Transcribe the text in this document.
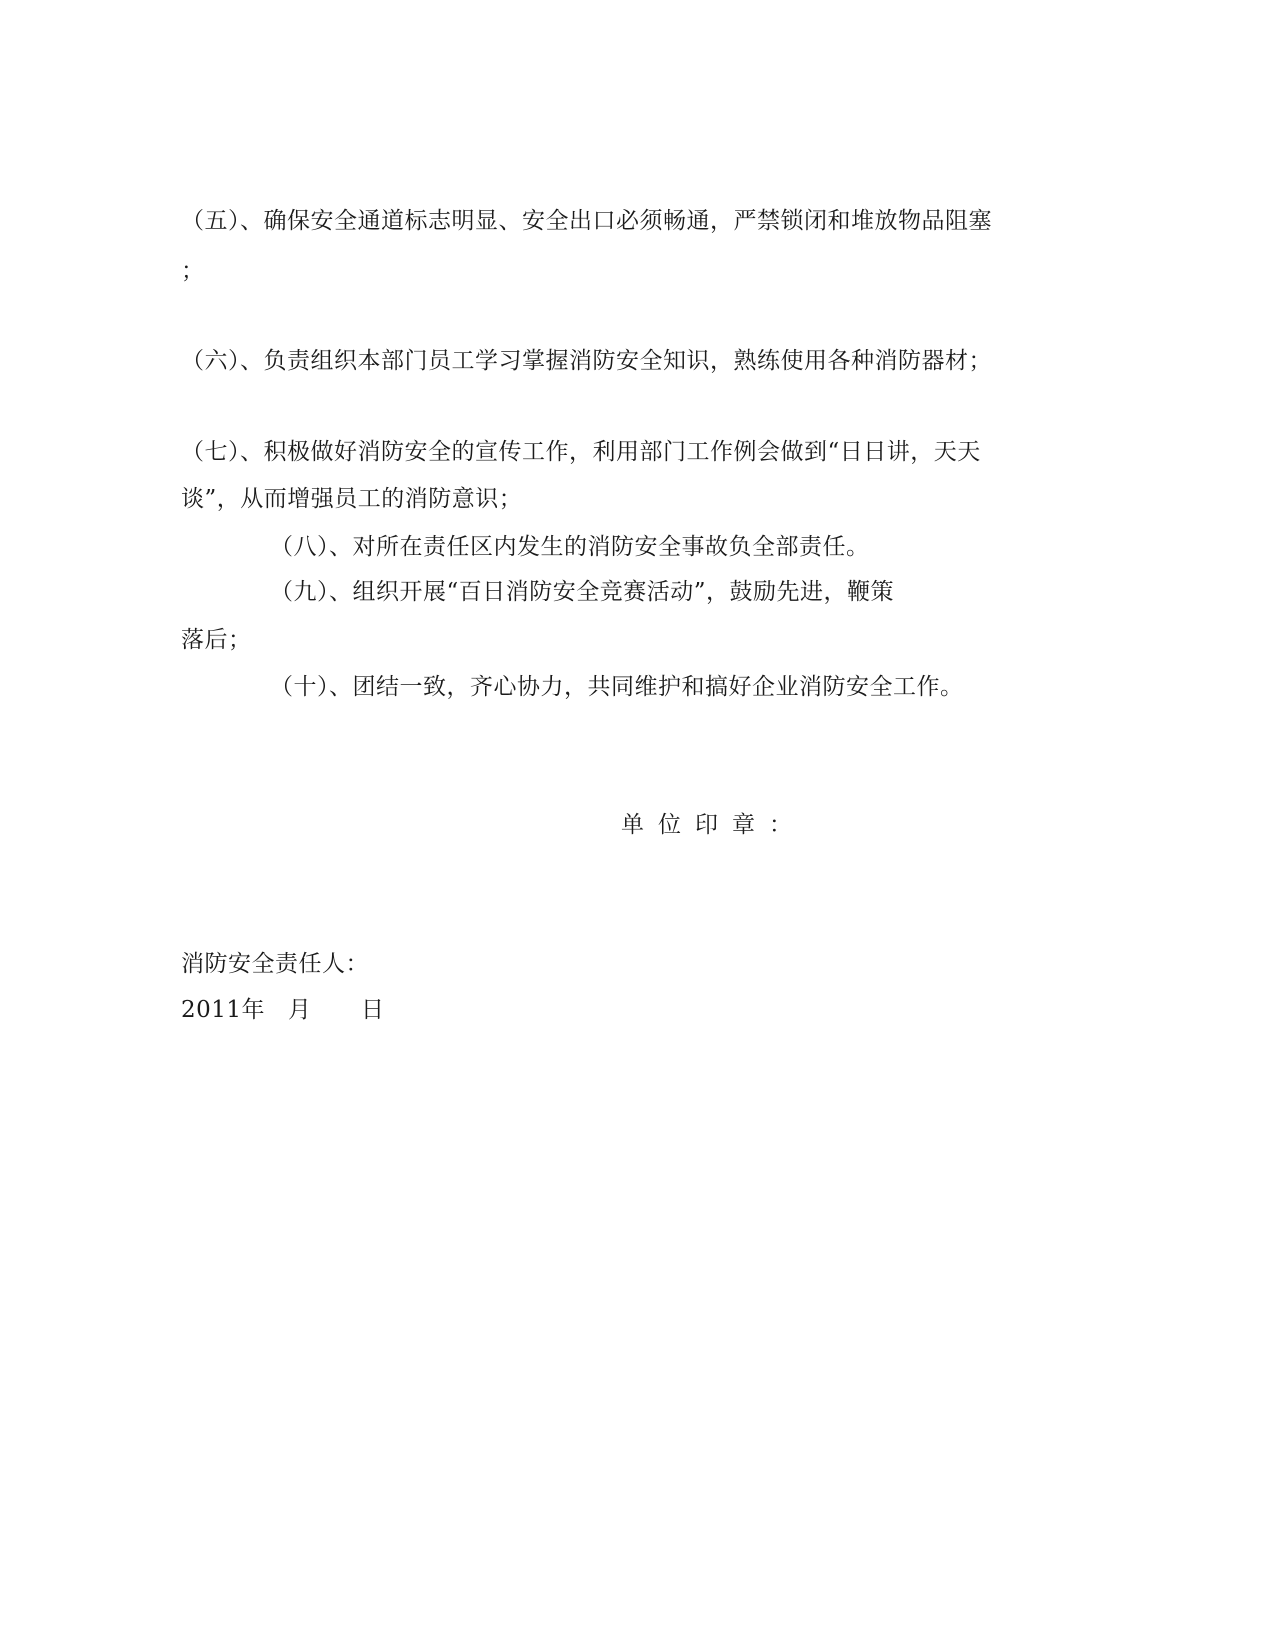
（五）、确保安全通道标志明显、安全出口必须畅通，严禁锁闭和堆放物品阻塞
；
（六）、负责组织本部门员工学习掌握消防安全知识，熟练使用各种消防器材；
（七）、积极做好消防安全的宣传工作，利用部门工作例会做到“日日讲，天天
谈”，从而增强员工的消防意识；
（八）、对所在责任区内发生的消防安全事故负全部责任。
（九）、组织开展“百日消防安全竞赛活动”，鼓励先进，鞭策
落后；
（十）、团结一致，齐心协力，共同维护和搞好企业消防安全工作。
单位印章：
消防安全责任人：
2011年 月 日
